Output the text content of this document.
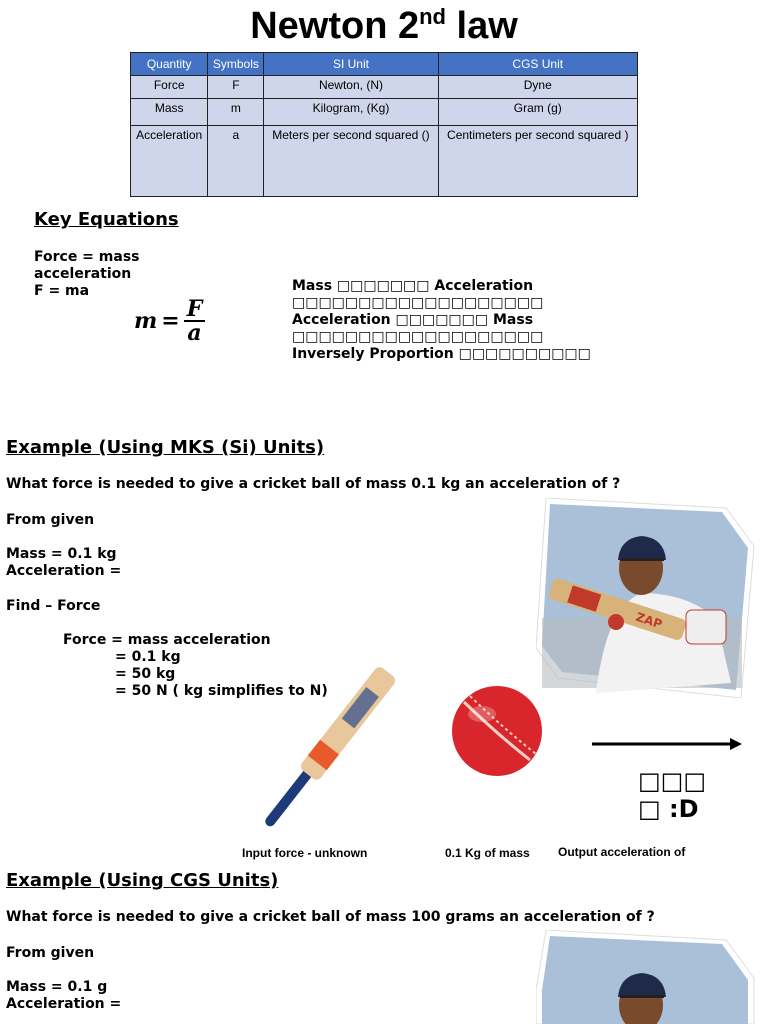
Newton 2nd law
Quantity	Symbols	SI Unit	CGS Unit
Force	F	Newton, (N)	Dyne
Mass	m	Kilogram, (Kg)	Gram (g)
Acceleration	a	Meters per second squared ()	Centimeters per second squared )
Key Equations
Force = mass
acceleration
F = ma
$m = \frac{F}{a}$
Mass □□□□□□□ Acceleration □□□□□□□□□□□□□□□□□□□
Acceleration □□□□□□□ Mass □□□□□□□□□□□□□□□□□□□
Inversely Proportion □□□□□□□□□□
Example (Using MKS (Si) Units)
What force is needed to give a cricket ball of mass 0.1 kg an acceleration of ?
From given
Mass = 0.1 kg
Acceleration =
Find – Force
Force = mass acceleration
= 0.1 kg
= 50 kg
= 50 N ( kg simplifies to N)
ZAP
□□□
□ :D
Input force - unknown	0.1 Kg of mass Output acceleration of
Example (Using CGS Units)
What force is needed to give a cricket ball of mass 100 grams an acceleration of ?
From given
Mass = 0.1 g
Acceleration =
